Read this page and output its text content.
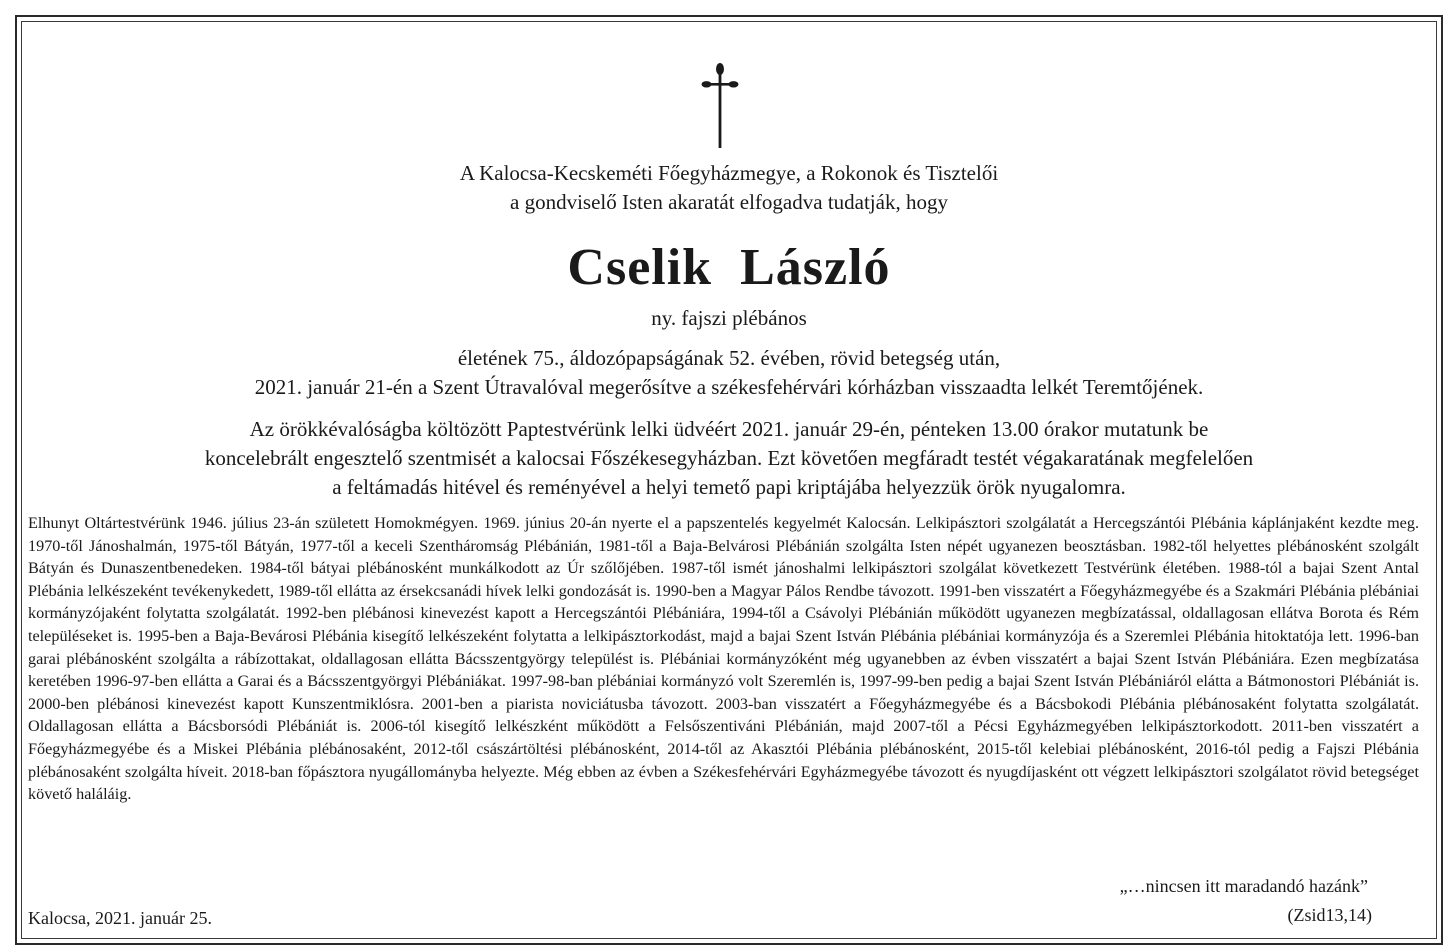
A Kalocsa-Kecskeméti Főegyházmegye, a Rokonok és Tisztelői
a gondviselő Isten akaratát elfogadva tudatják, hogy
Cselik László
ny. fajszi plébános
életének 75., áldozópapságának 52. évében, rövid betegség után,
2021. január 21-én a Szent Útravalóval megerősítve a székesfehérvári kórházban visszaadta lelkét Teremtőjének.
Az örökkévalóságba költözött Paptestvérünk lelki üdvéért 2021. január 29-én, pénteken 13.00 órakor mutatunk be
koncelebrált engesztelő szentmisét a kalocsai Főszékesegyházban. Ezt követően megfáradt testét végakaratának megfelelően
a feltámadás hitével és reményével a helyi temető papi kriptájába helyezzük örök nyugalomra.
Elhunyt Oltártestvérünk 1946. július 23-án született Homokmégyen. 1969. június 20-án nyerte el a papszentelés kegyelmét Kalocsán. Lelkipásztori szolgálatát a Hercegszántói Plébánia káplánjaként kezdte meg. 1970-től Jánoshalmán, 1975-től Bátyán, 1977-től a keceli Szentháromság Plébánián, 1981-től a Baja-Belvárosi Plébánián szolgálta Isten népét ugyanezen beosztásban. 1982-től helyettes plébánosként szolgált Bátyán és Dunaszentbenedeken. 1984-től bátyai plébánosként munkálkodott az Úr szőlőjében. 1987-től ismét jánoshalmi lelkipásztori szolgálat következett Testvérünk életében. 1988-tól a bajai Szent Antal Plébánia lelkészeként tevékenykedett, 1989-től ellátta az érsekcsanádi hívek lelki gondozását is. 1990-ben a Magyar Pálos Rendbe távozott. 1991-ben visszatért a Főegyházmegyébe és a Szakmári Plébánia plébániai kormányzójaként folytatta szolgálatát. 1992-ben plébánosi kinevezést kapott a Hercegszántói Plébániára, 1994-től a Csávolyi Plébánián működött ugyanezen megbízatással, oldallagosan ellátva Borota és Rém településeket is. 1995-ben a Baja-Bevárosi Plébánia kisegítő lelkészeként folytatta a lelkipásztorkodást, majd a bajai Szent István Plébánia plébániai kormányzója és a Szeremlei Plébánia hitoktatója lett. 1996-ban garai plébánosként szolgálta a rábízottakat, oldallagosan ellátta Bácsszentgyörgy települést is. Plébániai kormányzóként még ugyanebben az évben visszatért a bajai Szent István Plébániára. Ezen megbízatása keretében 1996-97-ben ellátta a Garai és a Bácsszentgyörgyi Plébániákat. 1997-98-ban plébániai kormányzó volt Szeremlén is, 1997-99-ben pedig a bajai Szent István Plébániáról elátta a Bátmonostori Plébániát is. 2000-ben plébánosi kinevezést kapott Kunszentmiklósra. 2001-ben a piarista noviciátusba távozott. 2003-ban visszatért a Főegyházmegyébe és a Bácsbokodi Plébánia plébánosaként folytatta szolgálatát. Oldallagosan ellátta a Bácsborsódi Plébániát is. 2006-tól kisegítő lelkészként működött a Felsőszentiváni Plébánián, majd 2007-től a Pécsi Egyházmegyében lelkipásztorkodott. 2011-ben visszatért a Főegyházmegyébe és a Miskei Plébánia plébánosaként, 2012-től császártöltési plébánosként, 2014-től az Akasztói Plébánia plébánosként, 2015-től kelebiai plébánosként, 2016-tól pedig a Fajszi Plébánia plébánosaként szolgálta híveit. 2018-ban főpásztora nyugállományba helyezte. Még ebben az évben a Székesfehérvári Egyházmegyébe távozott és nyugdíjasként ott végzett lelkipásztori szolgálatot rövid betegséget követő haláláig.
„…nincsen itt maradandó hazánk”
(Zsid13,14)
Kalocsa, 2021. január 25.
